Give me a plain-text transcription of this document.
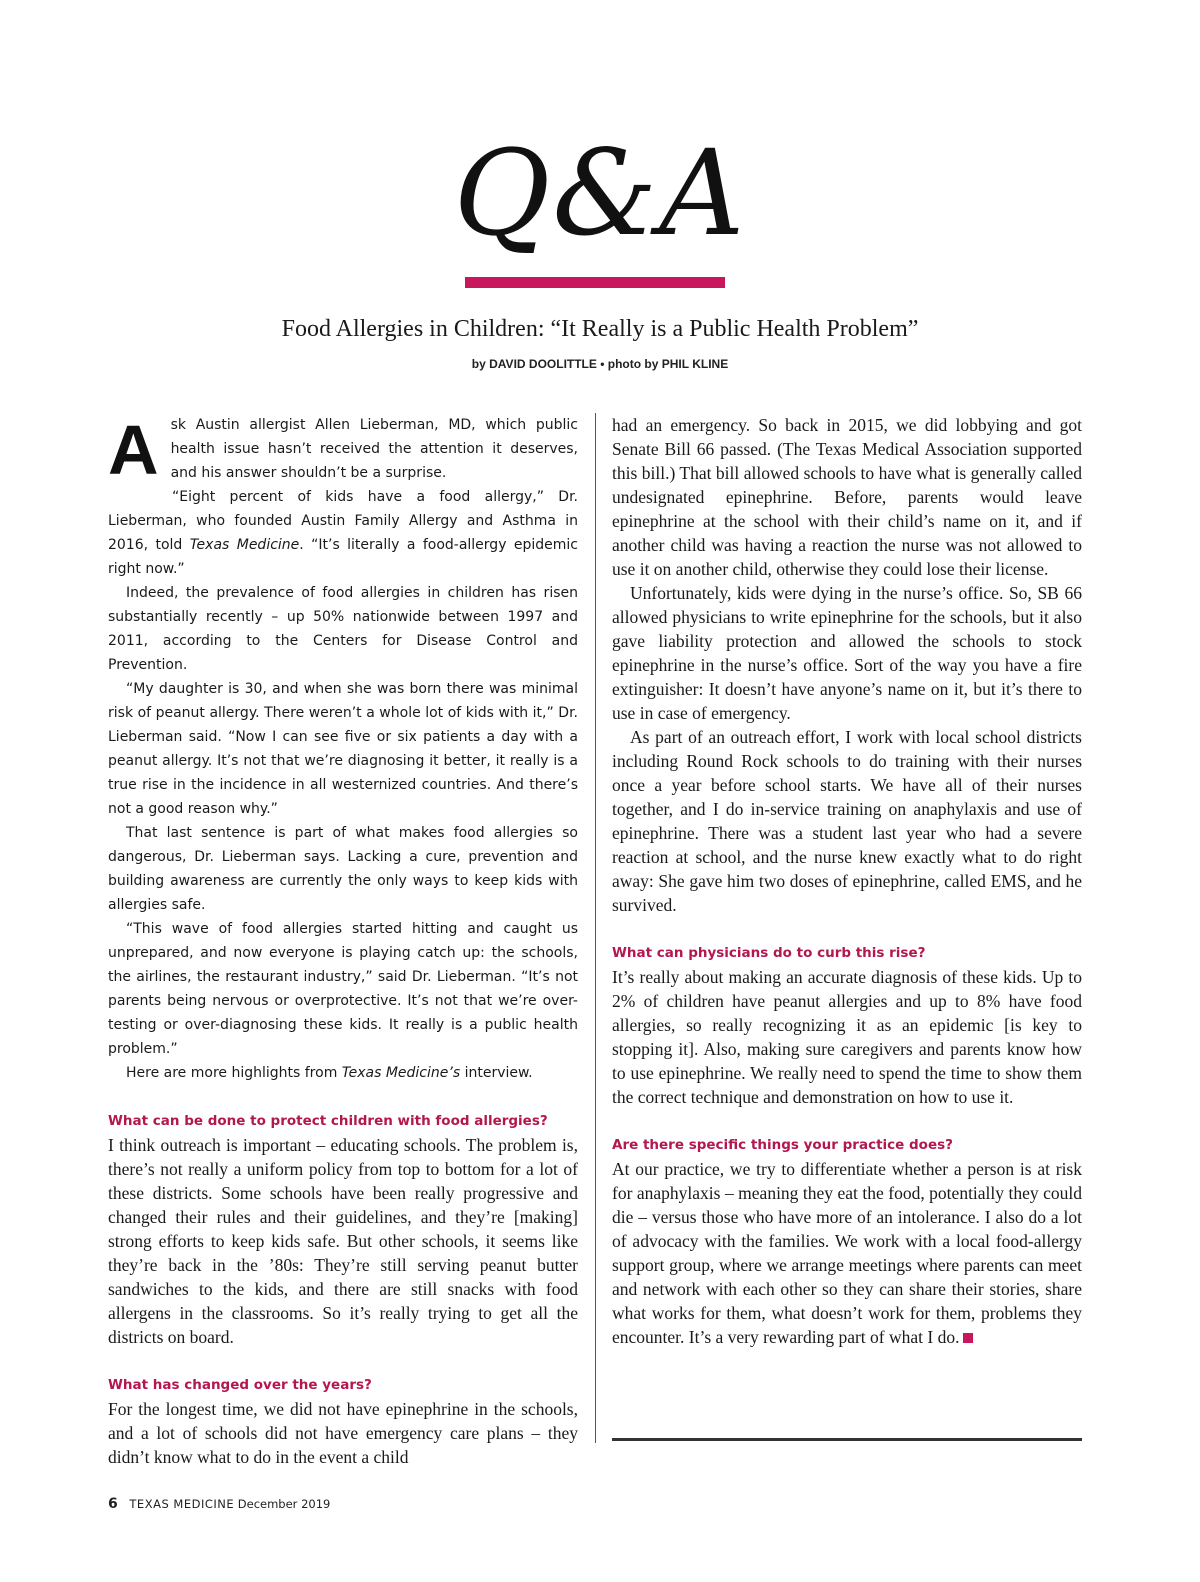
Q&A
Food Allergies in Children: “It Really is a Public Health Problem”
by DAVID DOOLITTLE • photo by PHIL KLINE

Ask Austin allergist Allen Lieberman, MD, which public health issue hasn’t received the attention it deserves, and his answer shouldn’t be a surprise.

“Eight percent of kids have a food allergy,” Dr. Lieberman, who founded Austin Family Allergy and Asthma in 2016, told Texas Medicine. “It’s literally a food-allergy epidemic right now.”

Indeed, the prevalence of food allergies in children has risen substantially recently – up 50% nationwide between 1997 and 2011, according to the Centers for Disease Control and Prevention.

“My daughter is 30, and when she was born there was minimal risk of peanut allergy. There weren’t a whole lot of kids with it,” Dr. Lieberman said. “Now I can see five or six patients a day with a peanut allergy. It’s not that we’re diagnosing it better, it really is a true rise in the incidence in all westernized countries. And there’s not a good reason why.”

That last sentence is part of what makes food allergies so dangerous, Dr. Lieberman says. Lacking a cure, prevention and building awareness are currently the only ways to keep kids with allergies safe.

“This wave of food allergies started hitting and caught us unprepared, and now everyone is playing catch up: the schools, the airlines, the restaurant industry,” said Dr. Lieberman. “It’s not parents being nervous or overprotective. It’s not that we’re over-testing or over-diagnosing these kids. It really is a public health problem.”

Here are more highlights from Texas Medicine’s interview.

What can be done to protect children with food allergies?

I think outreach is important – educating schools. The problem is, there’s not really a uniform policy from top to bottom for a lot of these districts. Some schools have been really progressive and changed their rules and their guidelines, and they’re [making] strong efforts to keep kids safe. But other schools, it seems like they’re back in the ’80s: They’re still serving peanut butter sandwiches to the kids, and there are still snacks with food allergens in the classrooms. So it’s really trying to get all the districts on board.

What has changed over the years?

For the longest time, we did not have epinephrine in the schools, and a lot of schools did not have emergency care plans – they didn’t know what to do in the event a child

had an emergency. So back in 2015, we did lobbying and got Senate Bill 66 passed. (The Texas Medical Association supported this bill.) That bill allowed schools to have what is generally called undesignated epinephrine. Before, parents would leave epinephrine at the school with their child’s name on it, and if another child was having a reaction the nurse was not allowed to use it on another child, otherwise they could lose their license.

Unfortunately, kids were dying in the nurse’s office. So, SB 66 allowed physicians to write epinephrine for the schools, but it also gave liability protection and allowed the schools to stock epinephrine in the nurse’s office. Sort of the way you have a fire extinguisher: It doesn’t have anyone’s name on it, but it’s there to use in case of emergency.

As part of an outreach effort, I work with local school districts including Round Rock schools to do training with their nurses once a year before school starts. We have all of their nurses together, and I do in-service training on anaphylaxis and use of epinephrine. There was a student last year who had a severe reaction at school, and the nurse knew exactly what to do right away: She gave him two doses of epinephrine, called EMS, and he survived.

What can physicians do to curb this rise?

It’s really about making an accurate diagnosis of these kids. Up to 2% of children have peanut allergies and up to 8% have food allergies, so really recognizing it as an epidemic [is key to stopping it]. Also, making sure caregivers and parents know how to use epinephrine. We really need to spend the time to show them the correct technique and demonstration on how to use it.

Are there specific things your practice does?

At our practice, we try to differentiate whether a person is at risk for anaphylaxis – meaning they eat the food, potentially they could die – versus those who have more of an intolerance. I also do a lot of advocacy with the families. We work with a local food-allergy support group, where we arrange meetings where parents can meet and network with each other so they can share their stories, share what works for them, what doesn’t work for them, problems they encounter. It’s a very rewarding part of what I do.

6 TEXAS MEDICINE December 2019
